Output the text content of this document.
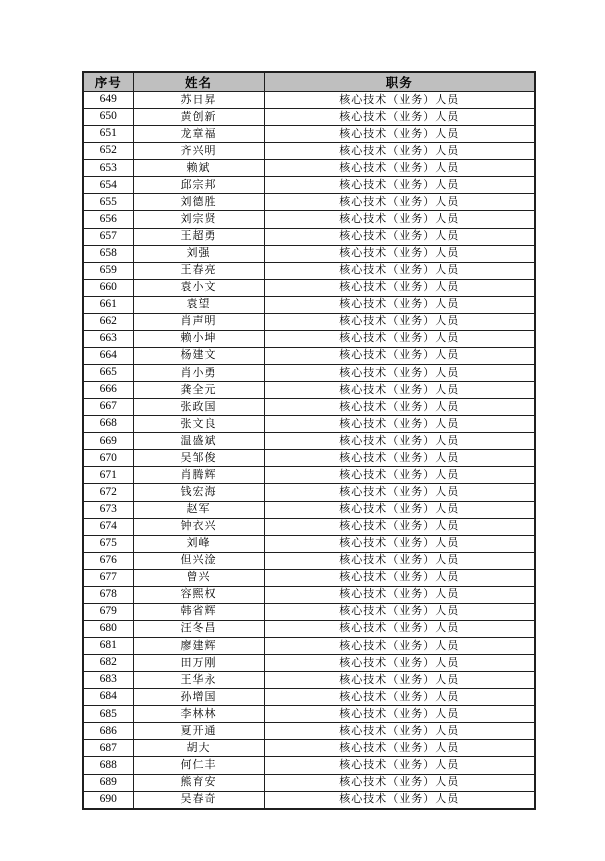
序号	姓名	职务
649	苏日昇	核心技术（业务）人员
650	黄创新	核心技术（业务）人员
651	龙章福	核心技术（业务）人员
652	齐兴明	核心技术（业务）人员
653	赖斌	核心技术（业务）人员
654	邱宗邦	核心技术（业务）人员
655	刘德胜	核心技术（业务）人员
656	刘宗贤	核心技术（业务）人员
657	王超勇	核心技术（业务）人员
658	刘强	核心技术（业务）人员
659	王春亮	核心技术（业务）人员
660	袁小文	核心技术（业务）人员
661	袁望	核心技术（业务）人员
662	肖声明	核心技术（业务）人员
663	赖小坤	核心技术（业务）人员
664	杨建文	核心技术（业务）人员
665	肖小勇	核心技术（业务）人员
666	龚全元	核心技术（业务）人员
667	张政国	核心技术（业务）人员
668	张文良	核心技术（业务）人员
669	温盛斌	核心技术（业务）人员
670	吴邹俊	核心技术（业务）人员
671	肖腾辉	核心技术（业务）人员
672	钱宏海	核心技术（业务）人员
673	赵军	核心技术（业务）人员
674	钟衣兴	核心技术（业务）人员
675	刘峰	核心技术（业务）人员
676	但兴淦	核心技术（业务）人员
677	曾兴	核心技术（业务）人员
678	容熙权	核心技术（业务）人员
679	韩省辉	核心技术（业务）人员
680	汪冬昌	核心技术（业务）人员
681	廖建辉	核心技术（业务）人员
682	田万刚	核心技术（业务）人员
683	王华永	核心技术（业务）人员
684	孙增国	核心技术（业务）人员
685	李林林	核心技术（业务）人员
686	夏开通	核心技术（业务）人员
687	胡大	核心技术（业务）人员
688	何仁丰	核心技术（业务）人员
689	熊育安	核心技术（业务）人员
690	吴春奇	核心技术（业务）人员
